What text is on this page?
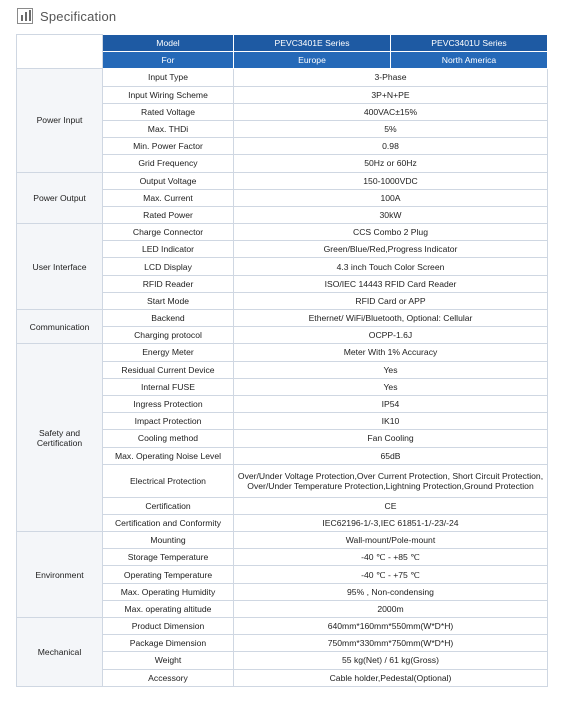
Specification
	Model	PEVC3401E Series	PEVC3401U Series
	For	Europe	North America
Power Input	Input Type	3-Phase	
	Input Wiring Scheme	3P+N+PE	
	Rated Voltage	400VAC±15%	
	Max. THDi	5%	
	Min. Power Factor	0.98	
	Grid Frequency	50Hz or 60Hz	
Power Output	Output Voltage	150-1000VDC	
	Max. Current	100A	
	Rated Power	30kW	
User Interface	Charge Connector	CCS Combo 2 Plug	
	LED Indicator	Green/Blue/Red,Progress Indicator	
	LCD Display	4.3 inch Touch Color Screen	
	RFID Reader	ISO/IEC 14443 RFID Card Reader	
	Start Mode	RFID Card or APP	
Communication	Backend	Ethernet/ WiFi/Bluetooth, Optional: Cellular	
	Charging protocol	OCPP-1.6J	
Safety and Certification	Energy Meter	Meter With 1% Accuracy	
	Residual Current Device	Yes	
	Internal FUSE	Yes	
	Ingress Protection	IP54	
	Impact Protection	IK10	
	Cooling method	Fan Cooling	
	Max. Operating Noise Level	65dB	
	Electrical Protection	Over/Under Voltage Protection,Over Current Protection, Short Circuit Protection, Over/Under Temperature Protection,Lightning Protection,Ground Protection	
	Certification	CE	
	Certification and Conformity	IEC62196-1/-3,IEC 61851-1/-23/-24	
Environment	Mounting	Wall-mount/Pole-mount	
	Storage Temperature	-40 ℃ - +85 ℃	
	Operating Temperature	-40 ℃ - +75 ℃	
	Max. Operating Humidity	95% , Non-condensing	
	Max. operating altitude	2000m	
Mechanical	Product Dimension	640mm*160mm*550mm(W*D*H)	
	Package Dimension	750mm*330mm*750mm(W*D*H)	
	Weight	55 kg(Net) / 61 kg(Gross)	
	Accessory	Cable holder,Pedestal(Optional)	
